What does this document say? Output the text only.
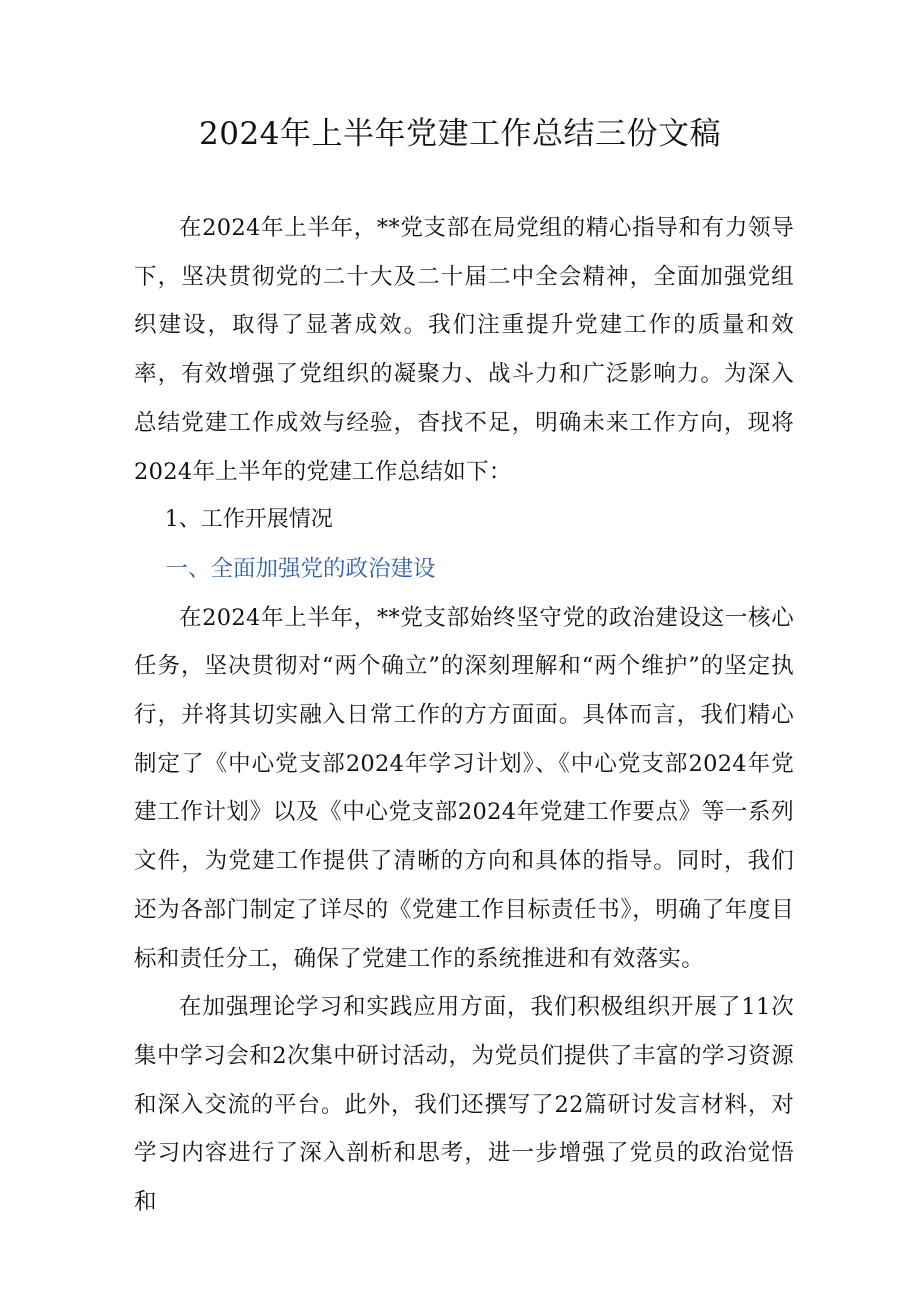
2024年上半年党建工作总结三份文稿

在2024年上半年，**党支部在局党组的精心指导和有力领导下，坚决贯彻党的二十大及二十届二中全会精神，全面加强党组织建设，取得了显著成效。我们注重提升党建工作的质量和效率，有效增强了党组织的凝聚力、战斗力和广泛影响力。为深入总结党建工作成效与经验，杳找不足，明确未来工作方向，现将2024年上半年的党建工作总结如下：

1、工作开展情况

一、全面加强党的政治建设

在2024年上半年，**党支部始终坚守党的政治建设这一核心任务，坚决贯彻对“两个确立”的深刻理解和“两个维护”的坚定执行，并将其切实融入日常工作的方方面面。具体而言，我们精心制定了《中心党支部2024年学习计划》、《中心党支部2024年党建工作计划》以及《中心党支部2024年党建工作要点》等一系列文件，为党建工作提供了清晰的方向和具体的指导。同时，我们还为各部门制定了详尽的《党建工作目标责任书》，明确了年度目标和责任分工，确保了党建工作的系统推进和有效落实。

在加强理论学习和实践应用方面，我们积极组织开展了11次集中学习会和2次集中研讨活动，为党员们提供了丰富的学习资源和深入交流的平台。此外，我们还撰写了22篇研讨发言材料，对学习内容进行了深入剖析和思考，进一步增强了党员的政治觉悟和
